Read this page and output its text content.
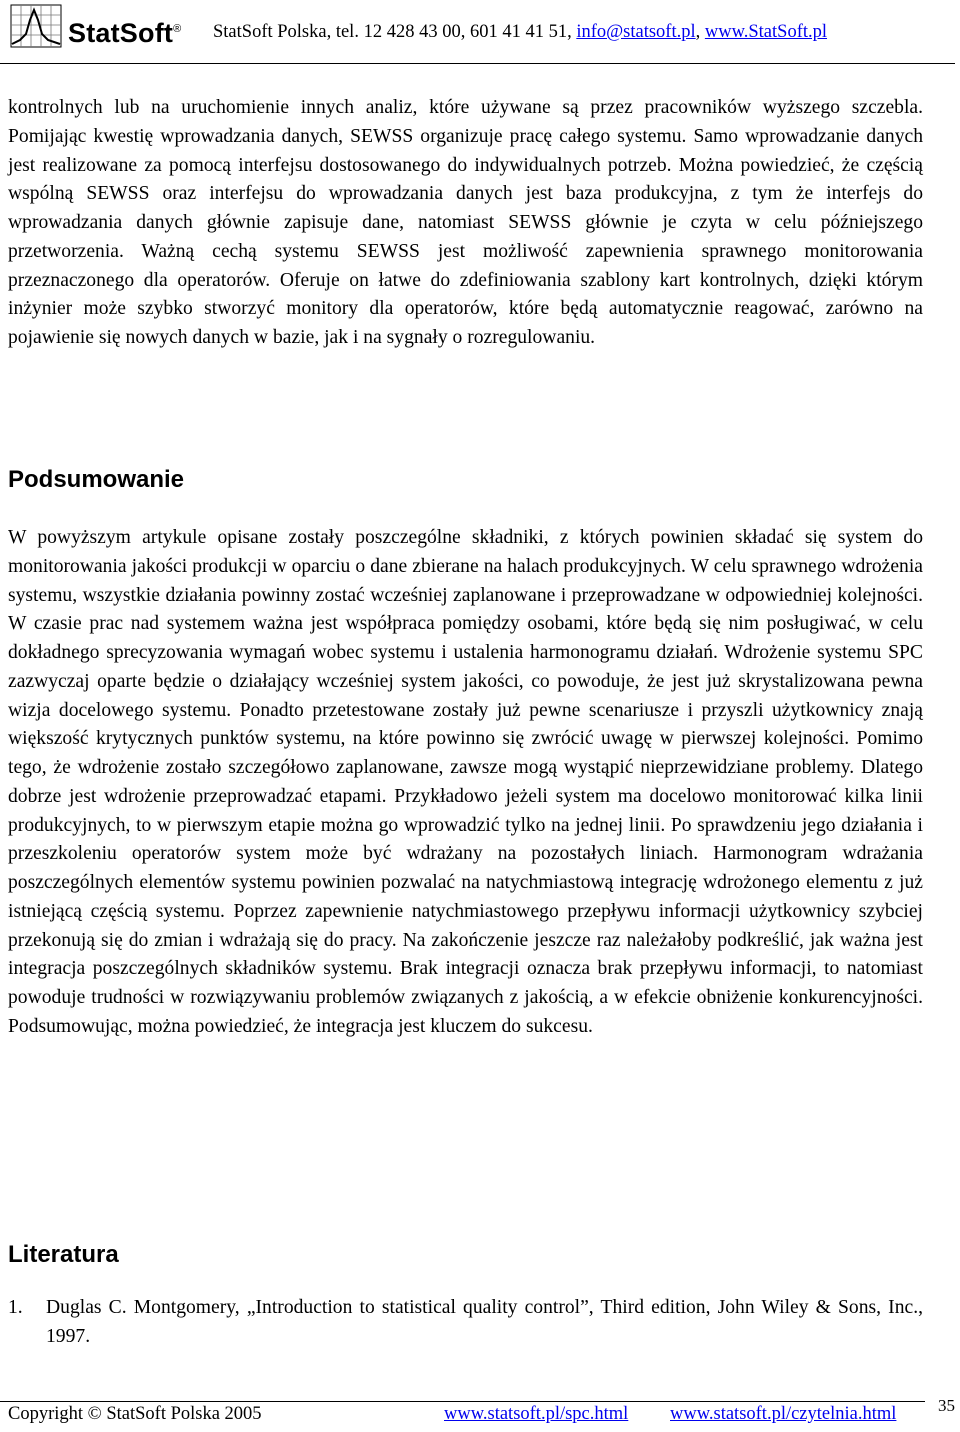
StatSoft® StatSoft Polska, tel. 12 428 43 00, 601 41 41 51, info@statsoft.pl, www.StatSoft.pl
kontrolnych lub na uruchomienie innych analiz, które używane są przez pracowników wyższego szczebla. Pomijając kwestię wprowadzania danych, SEWSS organizuje pracę całego systemu. Samo wprowadzanie danych jest realizowane za pomocą interfejsu dostosowanego do indywidualnych potrzeb. Można powiedzieć, że częścią wspólną SEWSS oraz interfejsu do wprowadzania danych jest baza produkcyjna, z tym że interfejs do wprowadzania danych głównie zapisuje dane, natomiast SEWSS głównie je czyta w celu późniejszego przetworzenia. Ważną cechą systemu SEWSS jest możliwość zapewnienia sprawnego monitorowania przeznaczonego dla operatorów. Oferuje on łatwe do zdefiniowania szablony kart kontrolnych, dzięki którym inżynier może szybko stworzyć monitory dla operatorów, które będą automatycznie reagować, zarówno na pojawienie się nowych danych w bazie, jak i na sygnały o rozregulowaniu.
Podsumowanie
W powyższym artykule opisane zostały poszczególne składniki, z których powinien składać się system do monitorowania jakości produkcji w oparciu o dane zbierane na halach produkcyjnych. W celu sprawnego wdrożenia systemu, wszystkie działania powinny zostać wcześniej zaplanowane i przeprowadzane w odpowiedniej kolejności. W czasie prac nad systemem ważna jest współpraca pomiędzy osobami, które będą się nim posługiwać, w celu dokładnego sprecyzowania wymagań wobec systemu i ustalenia harmonogramu działań. Wdrożenie systemu SPC zazwyczaj oparte będzie o działający wcześniej system jakości, co powoduje, że jest już skrystalizowana pewna wizja docelowego systemu. Ponadto przetestowane zostały już pewne scenariusze i przyszli użytkownicy znają większość krytycznych punktów systemu, na które powinno się zwrócić uwagę w pierwszej kolejności. Pomimo tego, że wdrożenie zostało szczegółowo zaplanowane, zawsze mogą wystąpić nieprzewidziane problemy. Dlatego dobrze jest wdrożenie przeprowadzać etapami. Przykładowo jeżeli system ma docelowo monitorować kilka linii produkcyjnych, to w pierwszym etapie można go wprowadzić tylko na jednej linii. Po sprawdzeniu jego działania i przeszkoleniu operatorów system może być wdrażany na pozostałych liniach. Harmonogram wdrażania poszczególnych elementów systemu powinien pozwalać na natychmiastową integrację wdrożonego elementu z już istniejącą częścią systemu. Poprzez zapewnienie natychmiastowego przepływu informacji użytkownicy szybciej przekonują się do zmian i wdrażają się do pracy. Na zakończenie jeszcze raz należałoby podkreślić, jak ważna jest integracja poszczególnych składników systemu. Brak integracji oznacza brak przepływu informacji, to natomiast powoduje trudności w rozwiązywaniu problemów związanych z jakością, a w efekcie obniżenie konkurencyjności. Podsumowując, można powiedzieć, że integracja jest kluczem do sukcesu.
Literatura
1. Duglas C. Montgomery, „Introduction to statistical quality control”, Third edition, John Wiley & Sons, Inc., 1997.
Copyright © StatSoft Polska 2005	www.statsoft.pl/spc.html www.statsoft.pl/czytelnia.html 35
